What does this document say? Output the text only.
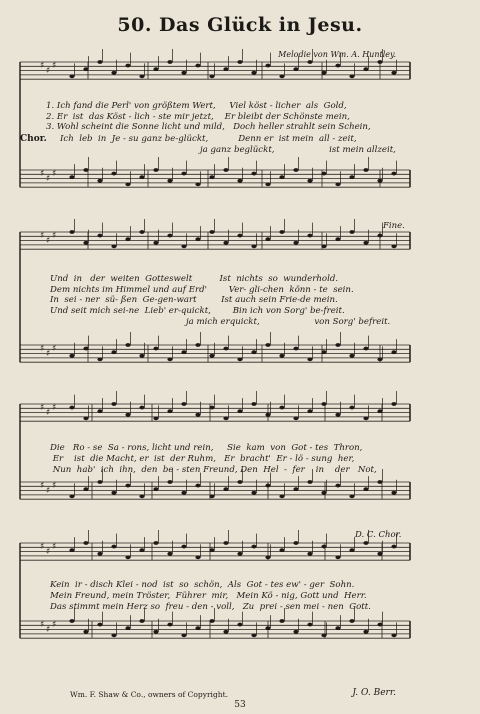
50. Das Glück in Jesu.
Melodie von Wm. A. Huntley.
♯ ♯ ♯
♯ ♯ ♯
♯ ♯ ♯
♯ ♯ ♯
♯ ♯ ♯
♯ ♯ ♯
♯ ♯ ♯
♯ ♯ ♯
1. Ich fand die Perl' von größtem Wert,     Viel köst - licher  als  Gold,
2. Er  ist  das Köst - lich - ste mir jetzt,    Er bleibt der Schönste mein,
3. Wohl scheint die Sonne licht und mild,   Doch heller strahlt sein Schein,
Chor. Ich  leb  in  Je - su ganz be-glückt,           Denn er  ist mein  all - zeit,
ja ganz beglückt,                    ist mein allzeit,
Fine.
Und  in   der  weiten  Gotteswelt          Ist  nichts  so  wunderhold.
Dem nichts im Himmel und auf Erd'        Ver- gli-chen  könn - te  sein.
In  sei - ner  sü- ßen  Ge-gen-wart         Ist auch sein Frie-de mein.
Und seit mich sei-ne  Lieb' er-quickt,        Bin ich von Sorg' be-freit.
ja mich erquickt,                    von Sorg' befreit.
Die   Ro - se  Sa - rons, licht und rein,     Sie  kam  von  Got - tes  Thron,
Er    ist  die Macht, er  ist  der Ruhm,   Er  bracht'  Er - lö - sung  her,
Nun  hab'  ich  ihn,  den  be - sten Freund, Den  Hel  -  fer    in    der   Not,
D. C. Chor.
Kein  ir - disch Klei - nod  ist  so  schön,  Als  Got - tes ew' - ger  Sohn.
Mein Freund, mein Tröster,  Führer  mir,   Mein Kö - nig, Gott und  Herr.
Das stimmt mein Herz so  freu - den - voll,   Zu  prei - sen mei - nen  Gott.
Wm. F. Shaw & Co., owners of Copyright.	J. O. Berr.
53
